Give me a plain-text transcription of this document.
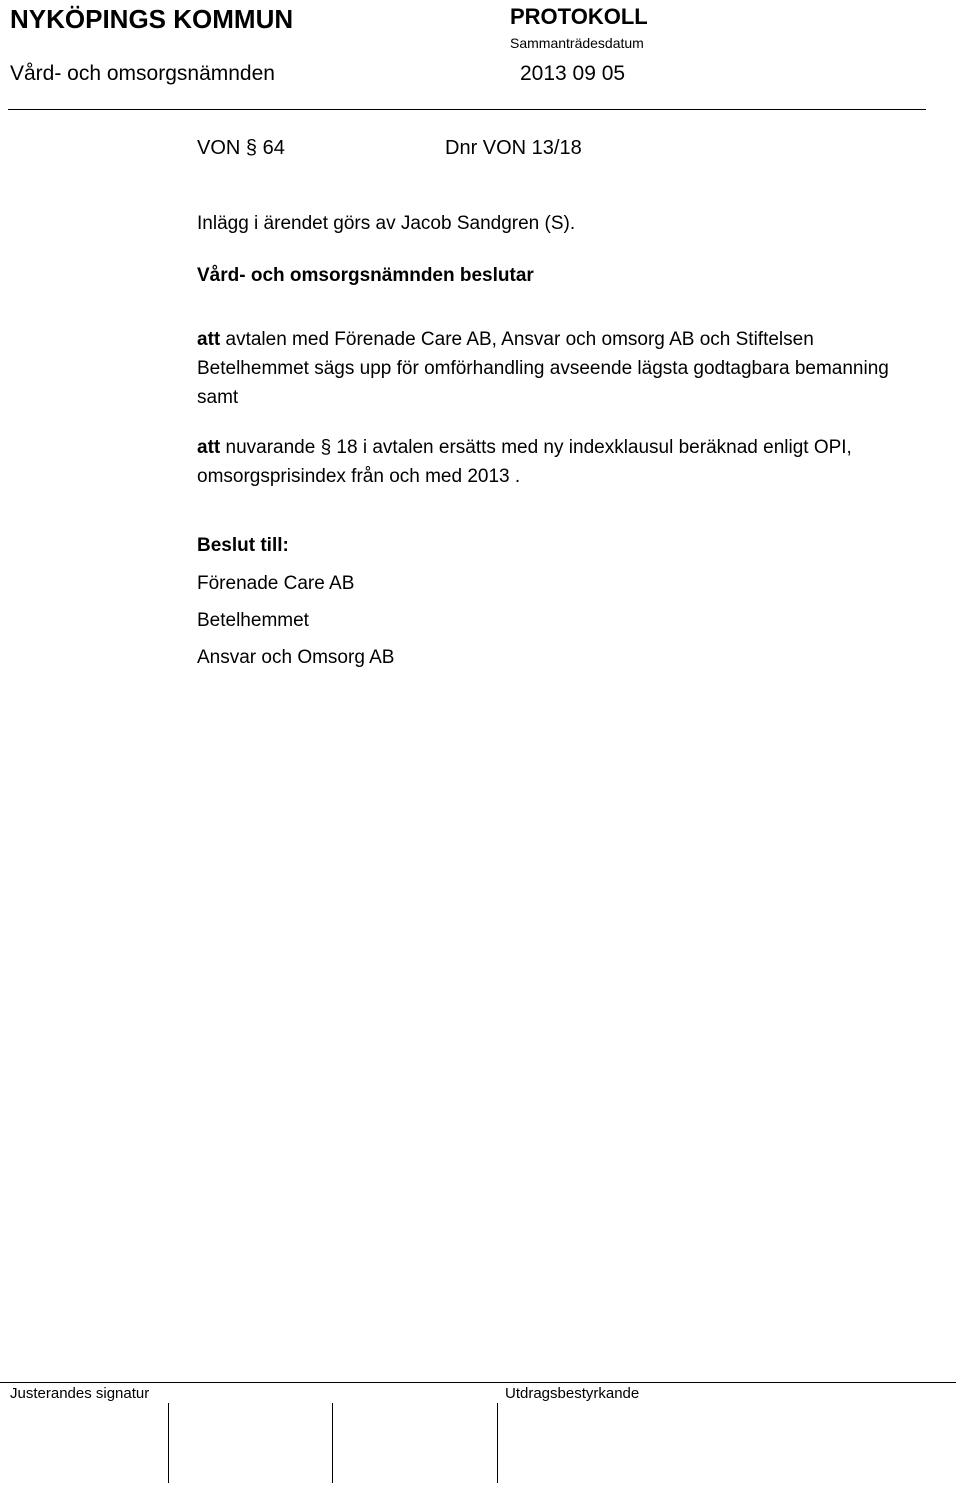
NYKÖPINGS KOMMUN	PROTOKOLL
Sammanträdesdatum
Vård- och omsorgsnämnden	2013 09 05
VON § 64	Dnr VON 13/18
Inlägg i ärendet görs av Jacob Sandgren (S).
Vård- och omsorgsnämnden beslutar
att avtalen med Förenade Care AB, Ansvar och omsorg AB och Stiftelsen Betelhemmet sägs upp för omförhandling avseende lägsta godtagbara bemanning samt
att nuvarande § 18 i avtalen ersätts med ny indexklausul beräknad enligt OPI, omsorgsprisindex från och med 2013 .
Beslut till:
Förenade Care AB
Betelhemmet
Ansvar och Omsorg AB
Justerandes signatur	Utdragsbestyrkande
